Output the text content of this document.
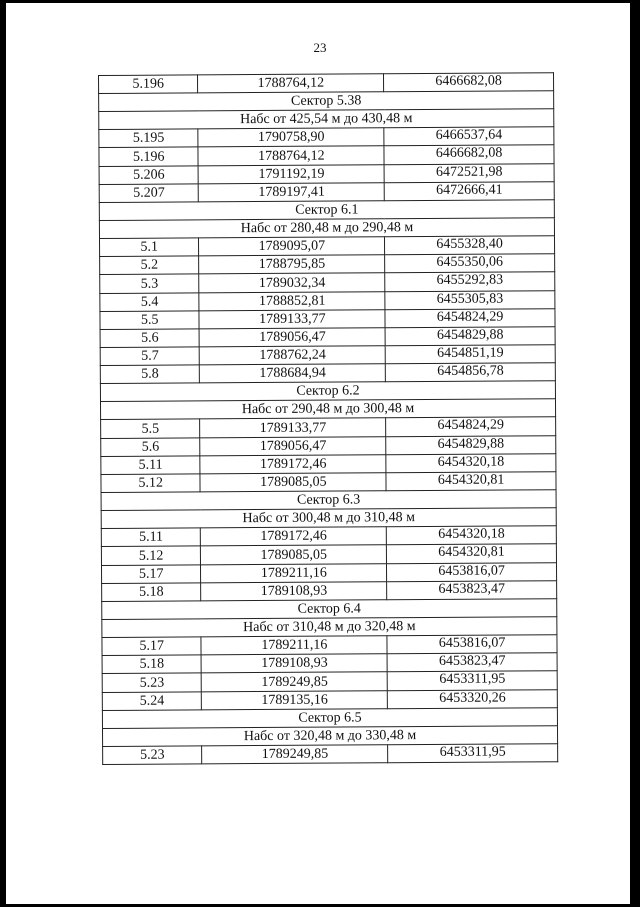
23
5.196	1788764,12	6466682,08
Сектор 5.38		
Набс от 425,54 м до 430,48 м		
5.195	1790758,90	6466537,64
5.196	1788764,12	6466682,08
5.206	1791192,19	6472521,98
5.207	1789197,41	6472666,41
Сектор 6.1		
Набс от 280,48 м до 290,48 м		
5.1	1789095,07	6455328,40
5.2	1788795,85	6455350,06
5.3	1789032,34	6455292,83
5.4	1788852,81	6455305,83
5.5	1789133,77	6454824,29
5.6	1789056,47	6454829,88
5.7	1788762,24	6454851,19
5.8	1788684,94	6454856,78
Сектор 6.2		
Набс от 290,48 м до 300,48 м		
5.5	1789133,77	6454824,29
5.6	1789056,47	6454829,88
5.11	1789172,46	6454320,18
5.12	1789085,05	6454320,81
Сектор 6.3		
Набс от 300,48 м до 310,48 м		
5.11	1789172,46	6454320,18
5.12	1789085,05	6454320,81
5.17	1789211,16	6453816,07
5.18	1789108,93	6453823,47
Сектор 6.4		
Набс от 310,48 м до 320,48 м		
5.17	1789211,16	6453816,07
5.18	1789108,93	6453823,47
5.23	1789249,85	6453311,95
5.24	1789135,16	6453320,26
Сектор 6.5		
Набс от 320,48 м до 330,48 м		
5.23	1789249,85	6453311,95
